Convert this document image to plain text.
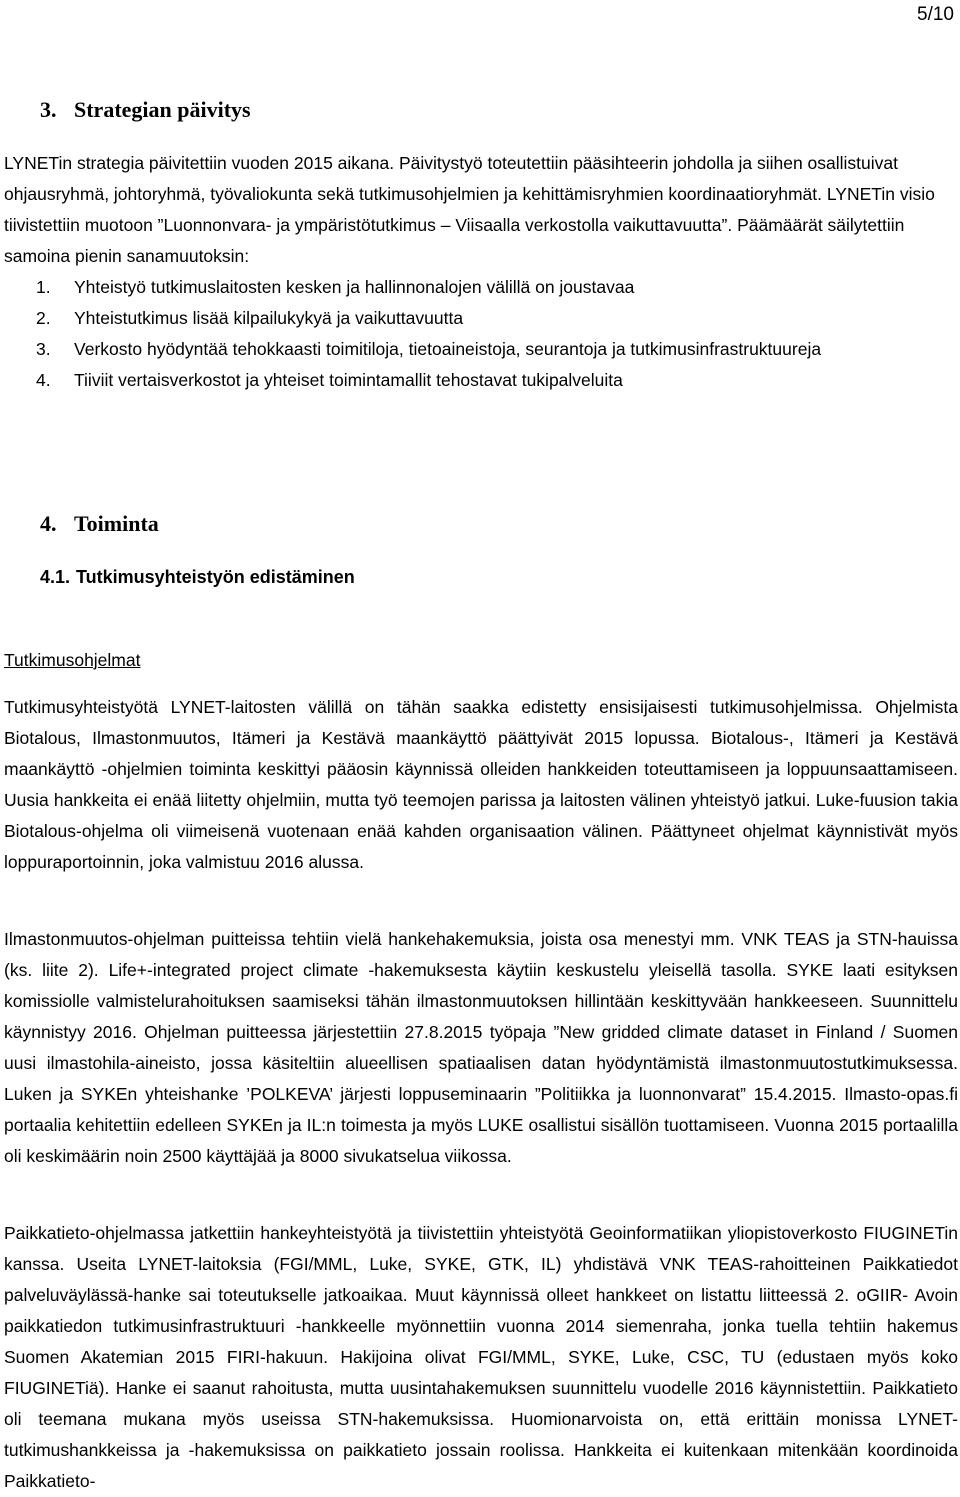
5/10
3. Strategian päivitys

LYNETin strategia päivitettiin vuoden 2015 aikana. Päivitystyö toteutettiin pääsihteerin johdolla ja siihen osallistuivat ohjausryhmä, johtoryhmä, työvaliokunta sekä tutkimusohjelmien ja kehittämisryhmien koordinaatioryhmät. LYNETin visio tiivistettiin muotoon ”Luonnonvara- ja ympäristötutkimus – Viisaalla verkostolla vaikuttavuutta”. Päämäärät säilytettiin samoina pienin sanamuutoksin:

1.	Yhteistyö tutkimuslaitosten kesken ja hallinnonalojen välillä on joustavaa
2.	Yhteistutkimus lisää kilpailukykyä ja vaikuttavuutta
3.	Verkosto hyödyntää tehokkaasti toimitiloja, tietoaineistoja, seurantoja ja tutkimusinfrastruktuureja
4.	Tiiviit vertaisverkostot ja yhteiset toimintamallit tehostavat tukipalveluita
4. Toiminta
4.1. Tutkimusyhteistyön edistäminen

Tutkimusohjelmat

Tutkimusyhteistyötä LYNET-laitosten välillä on tähän saakka edistetty ensisijaisesti tutkimusohjelmissa. Ohjelmista Biotalous, Ilmastonmuutos, Itämeri ja Kestävä maankäyttö päättyivät 2015 lopussa. Biotalous-, Itämeri ja Kestävä maankäyttö -ohjelmien toiminta keskittyi pääosin käynnissä olleiden hankkeiden toteuttamiseen ja loppuunsaattamiseen. Uusia hankkeita ei enää liitetty ohjelmiin, mutta työ teemojen parissa ja laitosten välinen yhteistyö jatkui. Luke-fuusion takia Biotalous-ohjelma oli viimeisenä vuotenaan enää kahden organisaation välinen. Päättyneet ohjelmat käynnistivät myös loppuraportoinnin, joka valmistuu 2016 alussa.

Ilmastonmuutos-ohjelman puitteissa tehtiin vielä hankehakemuksia, joista osa menestyi mm. VNK TEAS ja STN-hauissa (ks. liite 2). Life+-integrated project climate -hakemuksesta käytiin keskustelu yleisellä tasolla. SYKE laati esityksen komissiolle valmistelurahoituksen saamiseksi tähän ilmastonmuutoksen hillintään keskittyvään hankkeeseen. Suunnittelu käynnistyy 2016. Ohjelman puitteessa järjestettiin 27.8.2015 työpaja ”New gridded climate dataset in Finland / Suomen uusi ilmastohila-aineisto, jossa käsiteltiin alueellisen spatiaalisen datan hyödyntämistä ilmastonmuutostutkimuksessa. Luken ja SYKEn yhteishanke ’POLKEVA’ järjesti loppuseminaarin ”Politiikka ja luonnonvarat” 15.4.2015. Ilmasto-opas.fi portaalia kehitettiin edelleen SYKEn ja IL:n toimesta ja myös LUKE osallistui sisällön tuottamiseen. Vuonna 2015 portaalilla oli keskimäärin noin 2500 käyttäjää ja 8000 sivukatselua viikossa.

Paikkatieto-ohjelmassa jatkettiin hankeyhteistyötä ja tiivistettiin yhteistyötä Geoinformatiikan yliopistoverkosto FIUGINETin kanssa. Useita LYNET-laitoksia (FGI/MML, Luke, SYKE, GTK, IL) yhdistävä VNK TEAS-rahoitteinen Paikkatiedot palveluväylässä-hanke sai toteutukselle jatkoaikaa. Muut käynnissä olleet hankkeet on listattu liitteessä 2. oGIIR- Avoin paikkatiedon tutkimusinfrastruktuuri -hankkeelle myönnettiin vuonna 2014 siemenraha, jonka tuella tehtiin hakemus Suomen Akatemian 2015 FIRI-hakuun. Hakijoina olivat FGI/MML, SYKE, Luke, CSC, TU (edustaen myös koko FIUGINETiä). Hanke ei saanut rahoitusta, mutta uusintahakemuksen suunnittelu vuodelle 2016 käynnistettiin. Paikkatieto oli teemana mukana myös useissa STN-hakemuksissa. Huomionarvoista on, että erittäin monissa LYNET-tutkimushankkeissa ja -hakemuksissa on paikkatieto jossain roolissa. Hankkeita ei kuitenkaan mitenkään koordinoida Paikkatieto-
